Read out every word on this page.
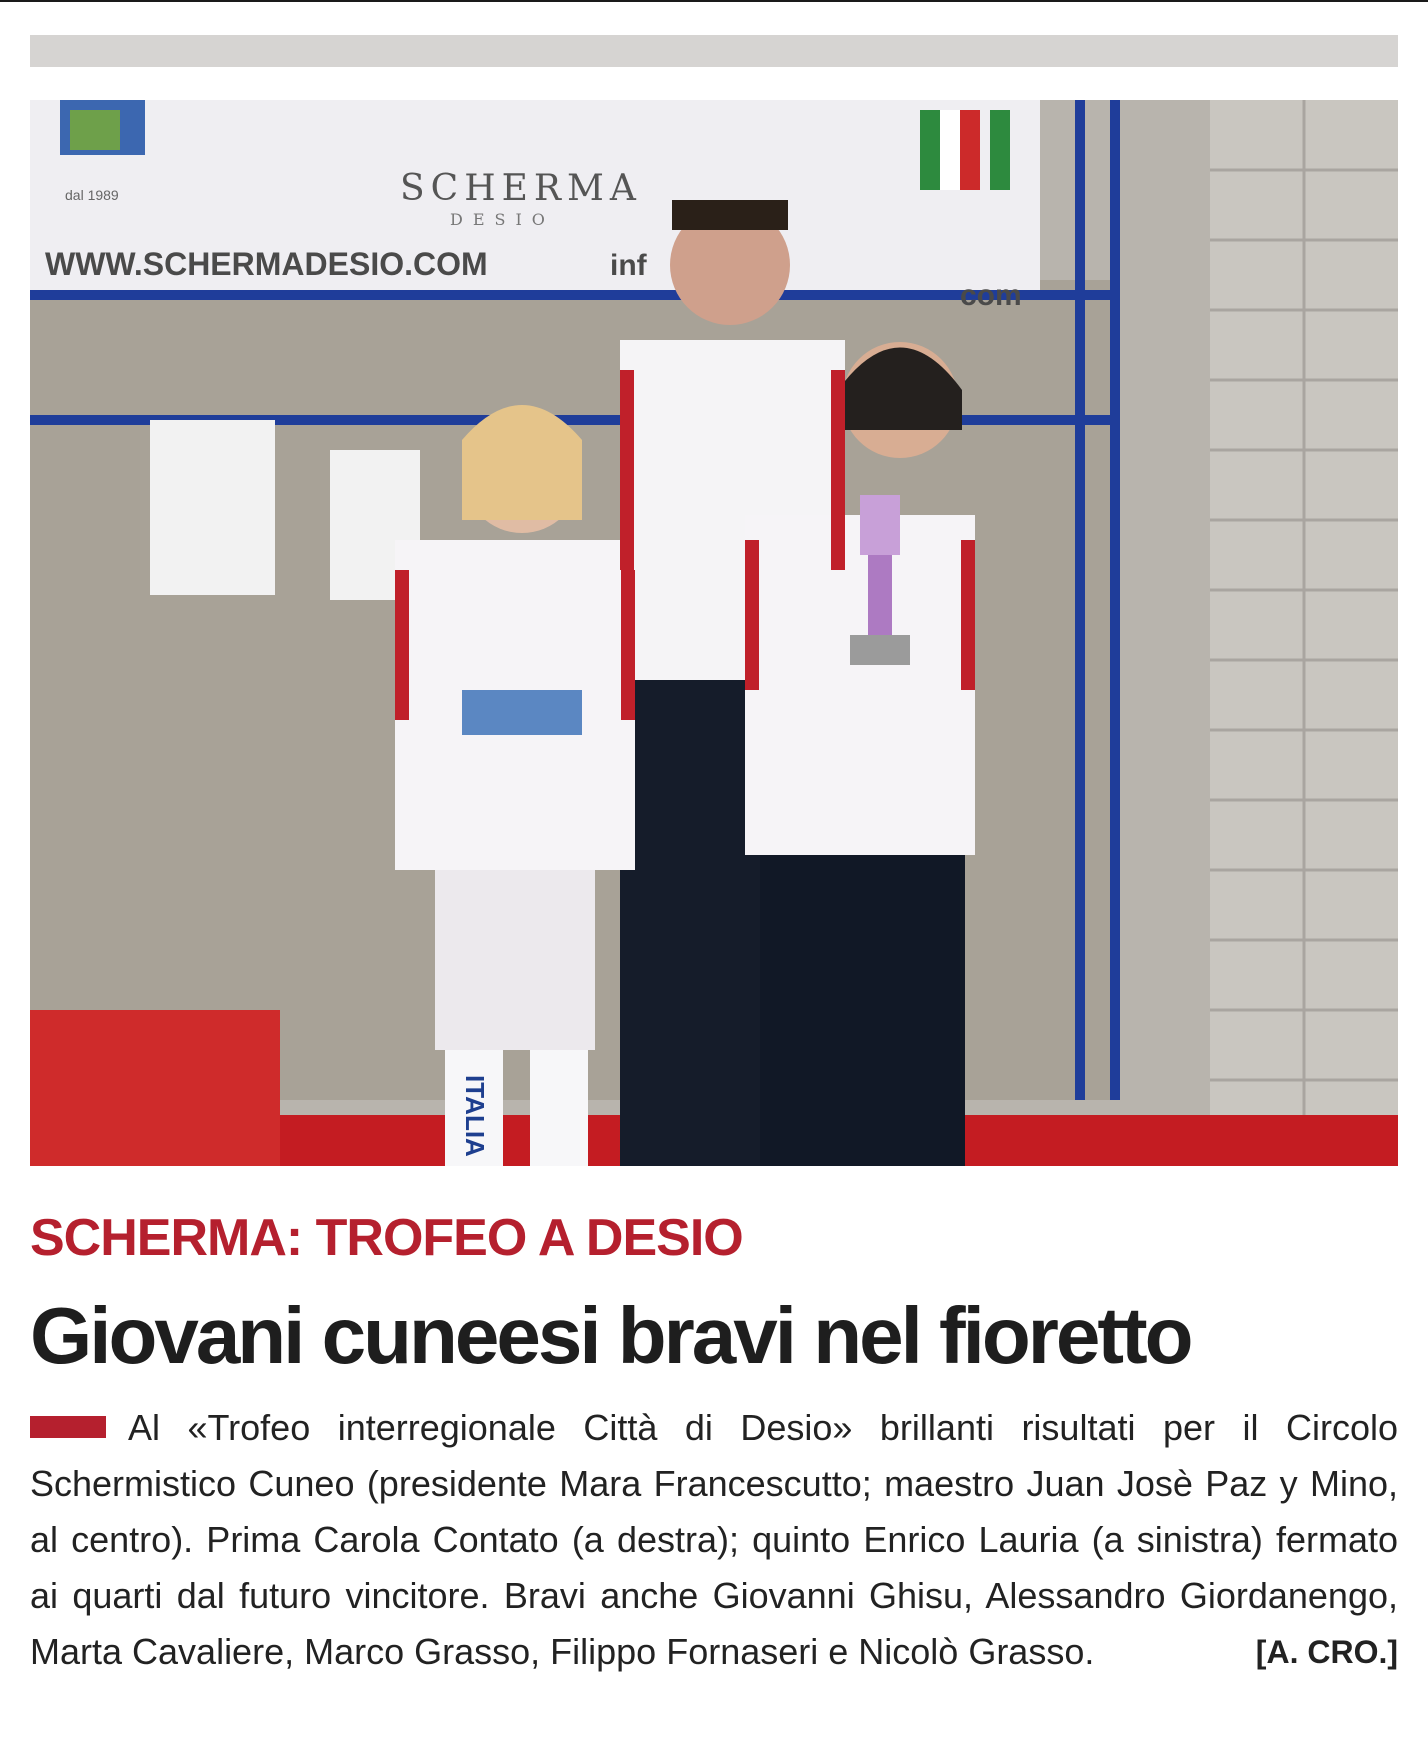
SCHERMA
DESIO
dal 1989
WWW.SCHERMADESIO.COM	inf
com
ITALIA
SCHERMA: TROFEO A DESIO
Giovani cuneesi bravi nel fioretto

Al «Trofeo interregionale Città di Desio» brillanti risultati per il Circolo Schermistico Cuneo (presidente Mara Francescutto; maestro Juan Josè Paz y Mino, al centro). Prima Carola Contato (a destra); quinto Enrico Lauria (a sinistra) fermato ai quarti dal futuro vincitore. Bravi anche Giovanni Ghisu, Alessandro Giordanengo, Marta Cavaliere, Marco Grasso, Filippo Fornaseri e Nicolò Grasso.	[A. CRO.]
